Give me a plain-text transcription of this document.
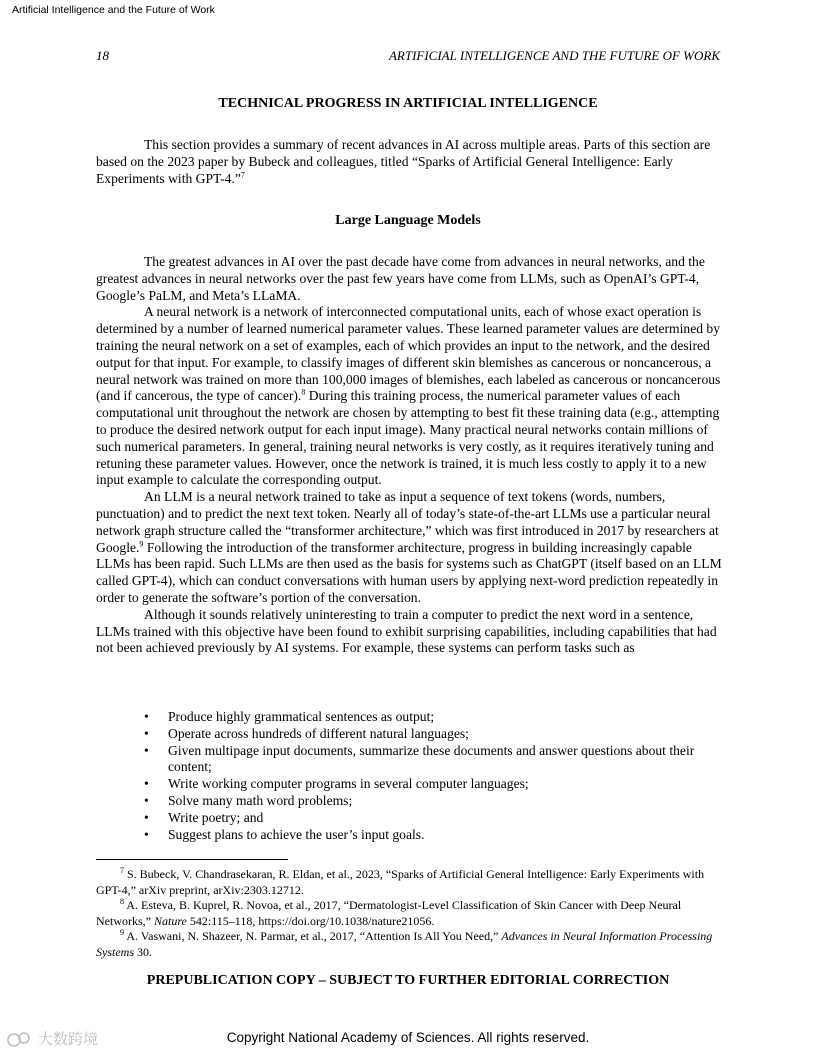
Artificial Intelligence and the Future of Work
18	ARTIFICIAL INTELLIGENCE AND THE FUTURE OF WORK
TECHNICAL PROGRESS IN ARTIFICIAL INTELLIGENCE

This section provides a summary of recent advances in AI across multiple areas. Parts of this section are based on the 2023 paper by Bubeck and colleagues, titled “Sparks of Artificial General Intelligence: Early Experiments with GPT-4.”$^7$

Large Language Models

The greatest advances in AI over the past decade have come from advances in neural networks, and the greatest advances in neural networks over the past few years have come from LLMs, such as OpenAI’s GPT-4, Google’s PaLM, and Meta’s LLaMA.

A neural network is a network of interconnected computational units, each of whose exact operation is determined by a number of learned numerical parameter values. These learned parameter values are determined by training the neural network on a set of examples, each of which provides an input to the network, and the desired output for that input. For example, to classify images of different skin blemishes as cancerous or noncancerous, a neural network was trained on more than 100,000 images of blemishes, each labeled as cancerous or noncancerous (and if cancerous, the type of cancer).$^8$ During this training process, the numerical parameter values of each computational unit throughout the network are chosen by attempting to best fit these training data (e.g., attempting to produce the desired network output for each input image). Many practical neural networks contain millions of such numerical parameters. In general, training neural networks is very costly, as it requires iteratively tuning and retuning these parameter values. However, once the network is trained, it is much less costly to apply it to a new input example to calculate the corresponding output.

An LLM is a neural network trained to take as input a sequence of text tokens (words, numbers, punctuation) and to predict the next text token. Nearly all of today’s state-of-the-art LLMs use a particular neural network graph structure called the “transformer architecture,” which was first introduced in 2017 by researchers at Google.$^9$ Following the introduction of the transformer architecture, progress in building increasingly capable LLMs has been rapid. Such LLMs are then used as the basis for systems such as ChatGPT (itself based on an LLM called GPT-4), which can conduct conversations with human users by applying next-word prediction repeatedly in order to generate the software’s portion of the conversation.

Although it sounds relatively uninteresting to train a computer to predict the next word in a sentence, LLMs trained with this objective have been found to exhibit surprising capabilities, including capabilities that had not been achieved previously by AI systems. For example, these systems can perform tasks such as

• Produce highly grammatical sentences as output;
• Operate across hundreds of different natural languages;
• Given multipage input documents, summarize these documents and answer questions about their content;
• Write working computer programs in several computer languages;
• Solve many math word problems;
• Write poetry; and
• Suggest plans to achieve the user’s input goals.

$^7$ S. Bubeck, V. Chandrasekaran, R. Eldan, et al., 2023, “Sparks of Artificial General Intelligence: Early Experiments with GPT-4,” arXiv preprint, arXiv:2303.12712.

$^8$ A. Esteva, B. Kuprel, R. Novoa, et al., 2017, “Dermatologist-Level Classification of Skin Cancer with Deep Neural Networks,” Nature 542:115–118, https://doi.org/10.1038/nature21056.

$^9$ A. Vaswani, N. Shazeer, N. Parmar, et al., 2017, “Attention Is All You Need,” Advances in Neural Information Processing Systems 30.

PREPUBLICATION COPY – SUBJECT TO FURTHER EDITORIAL CORRECTION
大数跨境	Copyright National Academy of Sciences. All rights reserved.
